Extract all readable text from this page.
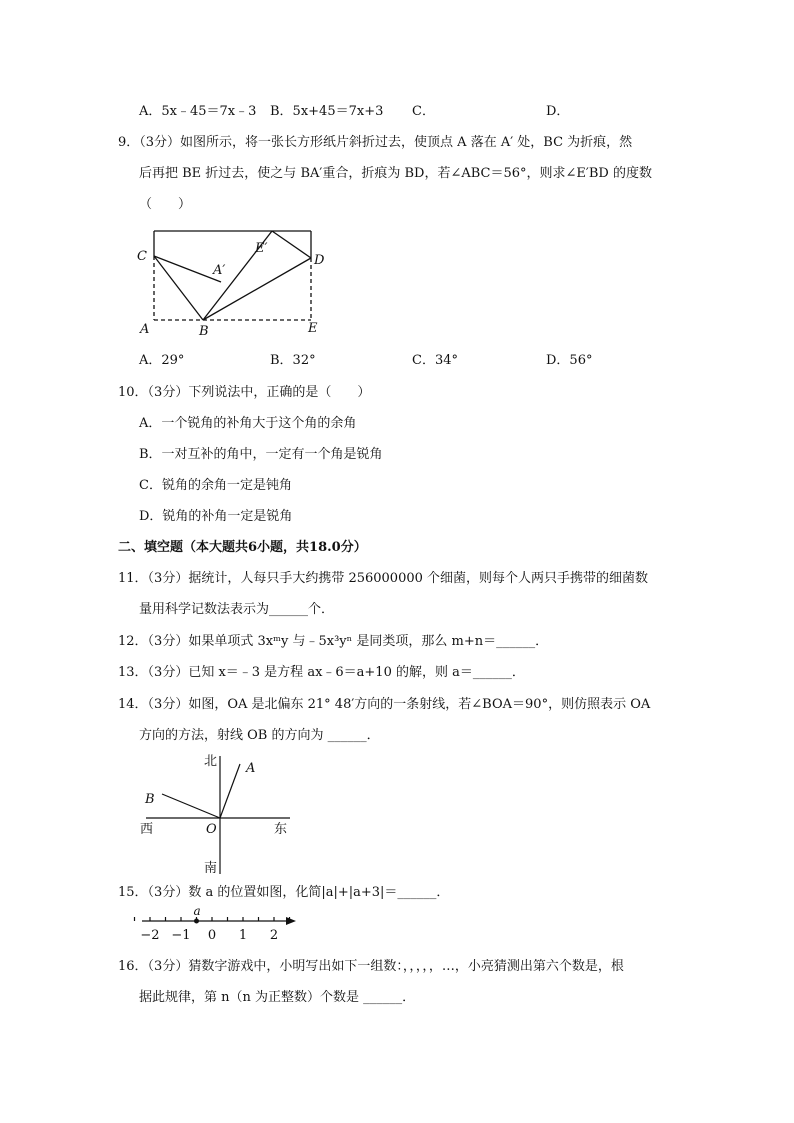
A．5x﹣45＝7x﹣3 B．5x+45＝7x+3 C．	D．
9．（3分）如图所示，将一张长方形纸片斜折过去，使顶点 A 落在 A′ 处，BC 为折痕，然
后再把 BE 折过去，使之与 BA′重合，折痕为 BD，若∠ABC＝56°，则求∠E′BD 的度数
（　　）
C
A′
E′
D
A	B	E
A．29°	B．32°	C．34°	D．56°
10．（3分）下列说法中，正确的是（　　）
A．一个锐角的补角大于这个角的余角
B．一对互补的角中，一定有一个角是锐角
C．锐角的余角一定是钝角
D．锐角的补角一定是锐角
二、填空题（本大题共6小题，共18.0分）
11．（3分）据统计，人每只手大约携带 256000000 个细菌，则每个人两只手携带的细菌数
量用科学记数法表示为______个．
12．（3分）如果单项式 3xᵐy 与﹣5x³yⁿ 是同类项，那么 m+n＝______．
13．（3分）已知 x＝﹣3 是方程 ax﹣6＝a+10 的解，则 a＝______．
14．（3分）如图，OA 是北偏东 21° 48′方向的一条射线，若∠BOA＝90°，则仿照表示 OA
方向的方法，射线 OB 的方向为 ______．
北
南
西	东
A
B
O
15．（3分）数 a 的位置如图，化简|a|+|a+3|＝______．
−2 −1 0 1 2
a
16．（3分）猜数字游戏中，小明写出如下一组数：，，，，，…，小亮猜测出第六个数是，根
据此规律，第 n（n 为正整数）个数是 ______．
